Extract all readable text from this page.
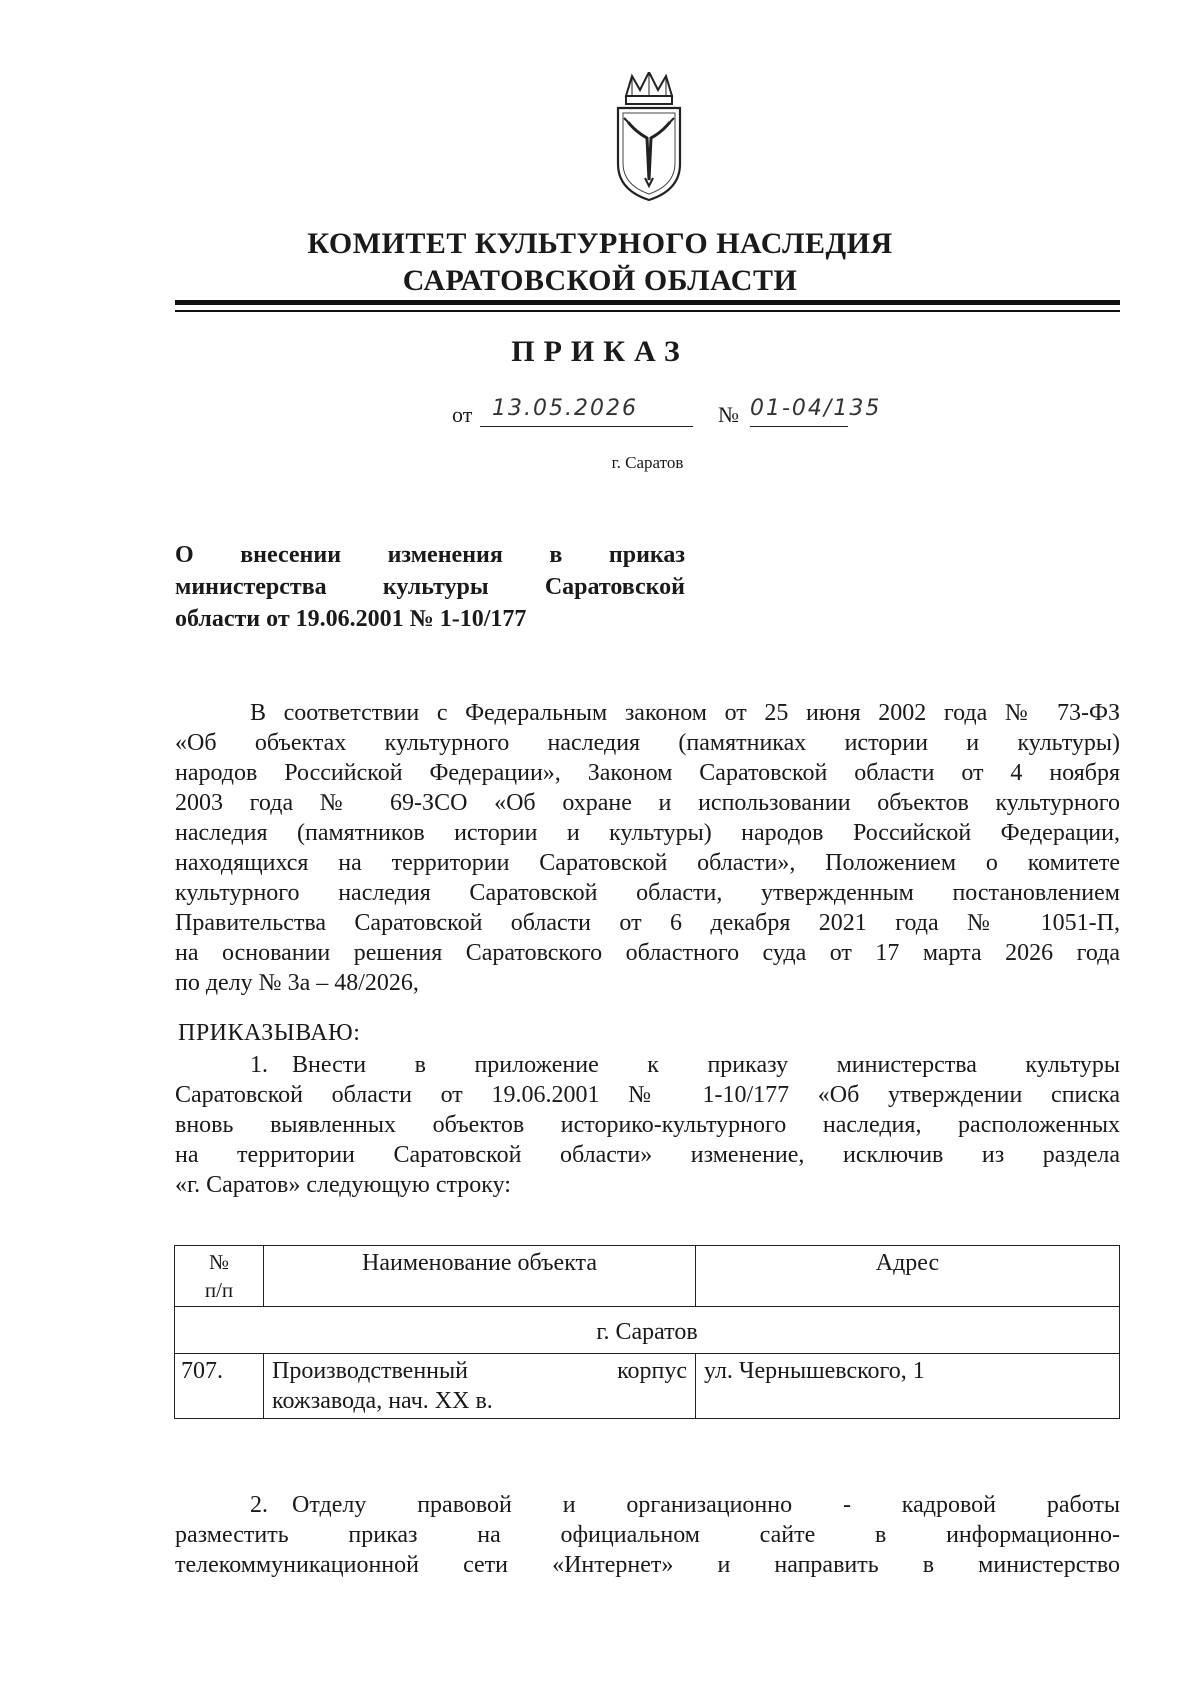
КОМИТЕТ КУЛЬТУРНОГО НАСЛЕДИЯ
САРАТОВСКОЙ ОБЛАСТИ
ПРИКАЗ
от 13.05.2026	№ 01-04/135
г. Саратов
О внесении изменения в приказ
министерства культуры Саратовской
области от 19.06.2001 № 1-10/177

В соответствии с Федеральным законом от 25 июня 2002 года № 73-ФЗ

«Об объектах культурного наследия (памятниках истории и культуры)

народов Российской Федерации», Законом Саратовской области от 4 ноября

2003 года № 69-ЗСО «Об охране и использовании объектов культурного

наследия (памятников истории и культуры) народов Российской Федерации,

находящихся на территории Саратовской области», Положением о комитете

культурного наследия Саратовской области, утвержденным постановлением

Правительства Саратовской области от 6 декабря 2021 года № 1051-П,

на основании решения Саратовского областного суда от 17 марта 2026 года

по делу № 3а – 48/2026,

ПРИКАЗЫВАЮ:

1. Внести в приложение к приказу министерства культуры

Саратовской области от 19.06.2001 № 1-10/177 «Об утверждении списка

вновь выявленных объектов историко-культурного наследия, расположенных

на территории Саратовской области» изменение, исключив из раздела

«г. Саратов» следующую строку:

№
п/п	Наименование объекта	Адрес
г. Саратов		
707.	Производственный корпус
кожзавода, нач. XX в.	ул. Чернышевского, 1

2. Отделу правовой и организационно - кадровой работы

разместить приказ на официальном сайте в информационно-

телекоммуникационной сети «Интернет» и направить в министерство
